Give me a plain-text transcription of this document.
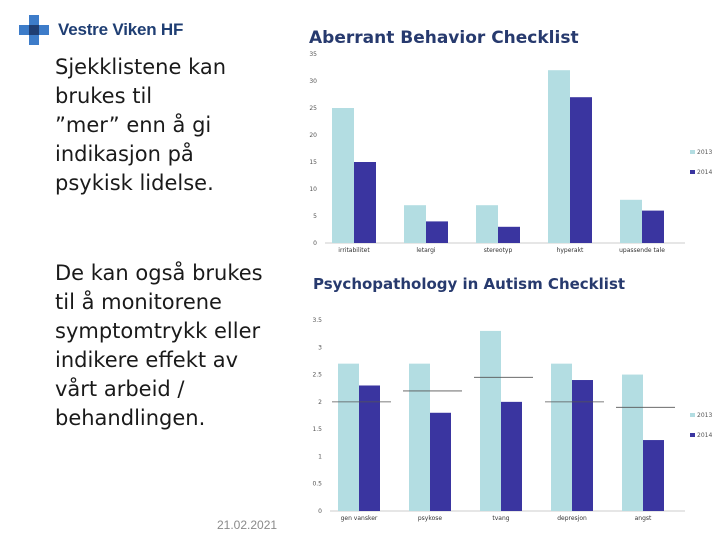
Vestre Viken HF
Sjekklistene kan
brukes til
”mer” enn å gi
indikasjon på
psykisk lidelse.
De kan også brukes
til å monitorene
symptomtrykk eller
indikere effekt av
vårt arbeid /
behandlingen.
Aberrant Behavior Checklist
Psychopathology in Autism Checklist
0
5
10
15
20
25
30
35
irritabilitet	letargi	stereotyp	hyperakt	upassende tale
2013
2014
0
0.5
1
1.5
2
2.5
3
3.5
gen vansker	psykose	tvang	depresjon	angst
2013
2014
21.02.2021
